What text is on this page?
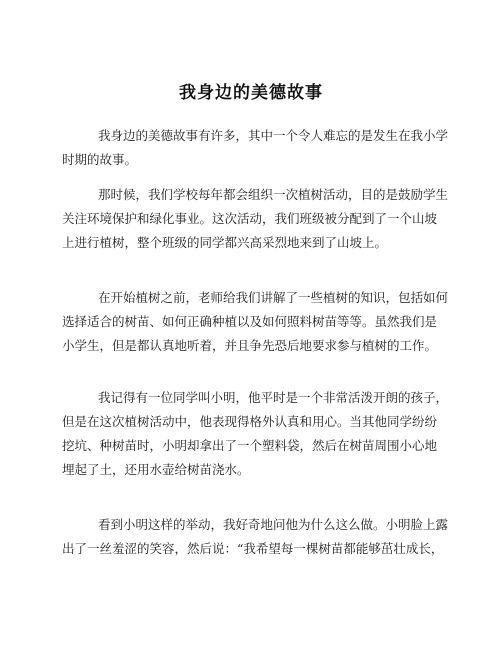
我身边的美德故事
我身边的美德故事有许多，其中一个令人难忘的是发生在我小学
时期的故事。
那时候，我们学校每年都会组织一次植树活动，目的是鼓励学生
关注环境保护和绿化事业。这次活动，我们班级被分配到了一个山坡
上进行植树，整个班级的同学都兴高采烈地来到了山坡上。
在开始植树之前，老师给我们讲解了一些植树的知识，包括如何
选择适合的树苗、如何正确种植以及如何照料树苗等等。虽然我们是
小学生，但是都认真地听着，并且争先恐后地要求参与植树的工作。
我记得有一位同学叫小明，他平时是一个非常活泼开朗的孩子，
但是在这次植树活动中，他表现得格外认真和用心。当其他同学纷纷
挖坑、种树苗时，小明却拿出了一个塑料袋，然后在树苗周围小心地
埋起了土，还用水壶给树苗浇水。
看到小明这样的举动，我好奇地问他为什么这么做。小明脸上露
出了一丝羞涩的笑容，然后说：“我希望每一棵树苗都能够茁壮成长，
